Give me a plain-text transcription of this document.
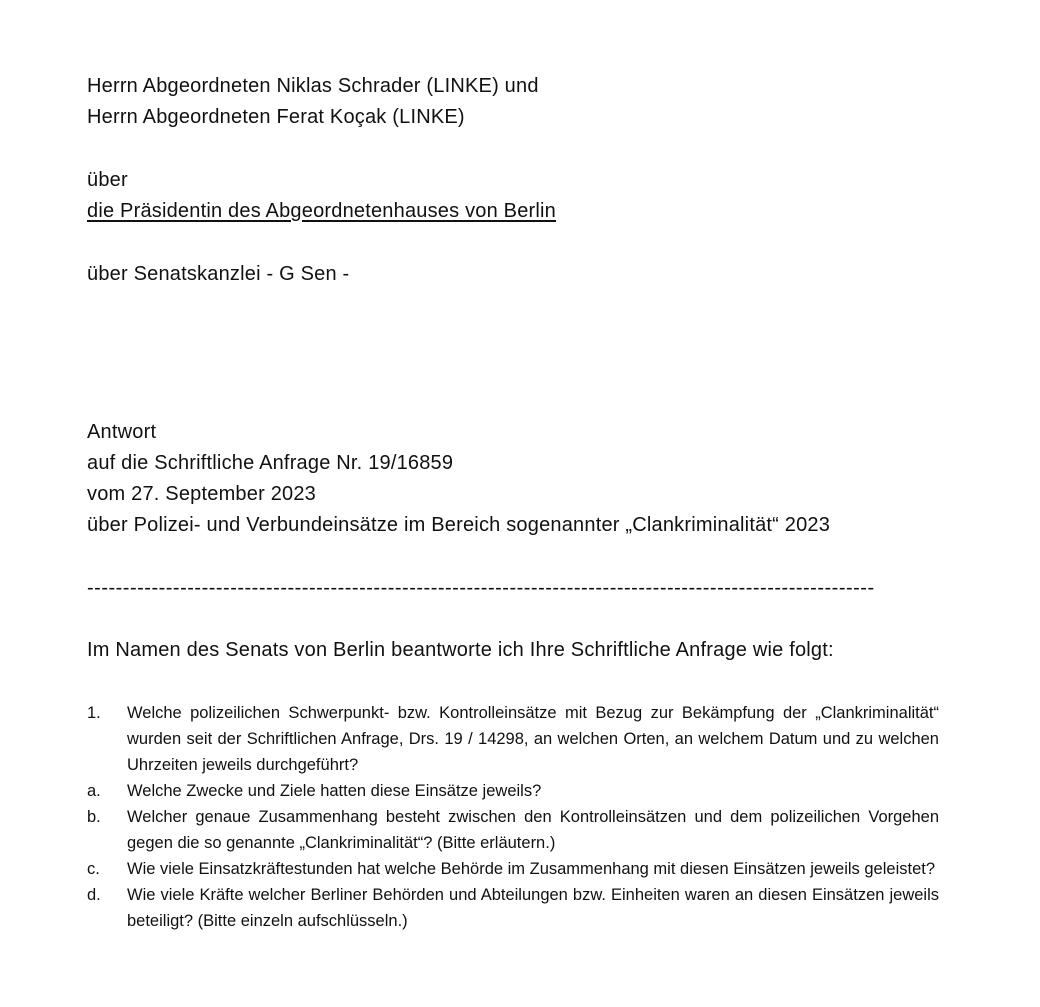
Herrn Abgeordneten Niklas Schrader (LINKE) und
Herrn Abgeordneten Ferat Koçak (LINKE)
über
die Präsidentin des Abgeordnetenhauses von Berlin
über Senatskanzlei - G Sen -
Antwort
auf die Schriftliche Anfrage Nr. 19/16859
vom 27. September 2023
über Polizei- und Verbundeinsätze im Bereich sogenannter „Clankriminalität“ 2023
--------------------------------------------------------------------------------------------------------------
Im Namen des Senats von Berlin beantworte ich Ihre Schriftliche Anfrage wie folgt:
1.	Welche polizeilichen Schwerpunkt- bzw. Kontrolleinsätze mit Bezug zur Bekämpfung der „Clankriminalität“ wurden seit der Schriftlichen Anfrage, Drs. 19 / 14298, an welchen Orten, an welchem Datum und zu welchen Uhrzeiten jeweils durchgeführt?
a.	Welche Zwecke und Ziele hatten diese Einsätze jeweils?
b.	Welcher genaue Zusammenhang besteht zwischen den Kontrolleinsätzen und dem polizeilichen Vorgehen gegen die so genannte „Clankriminalität“? (Bitte erläutern.)
c.	Wie viele Einsatzkräftestunden hat welche Behörde im Zusammenhang mit diesen Einsätzen jeweils geleistet?
d.	Wie viele Kräfte welcher Berliner Behörden und Abteilungen bzw. Einheiten waren an diesen Einsätzen jeweils beteiligt? (Bitte einzeln aufschlüsseln.)
